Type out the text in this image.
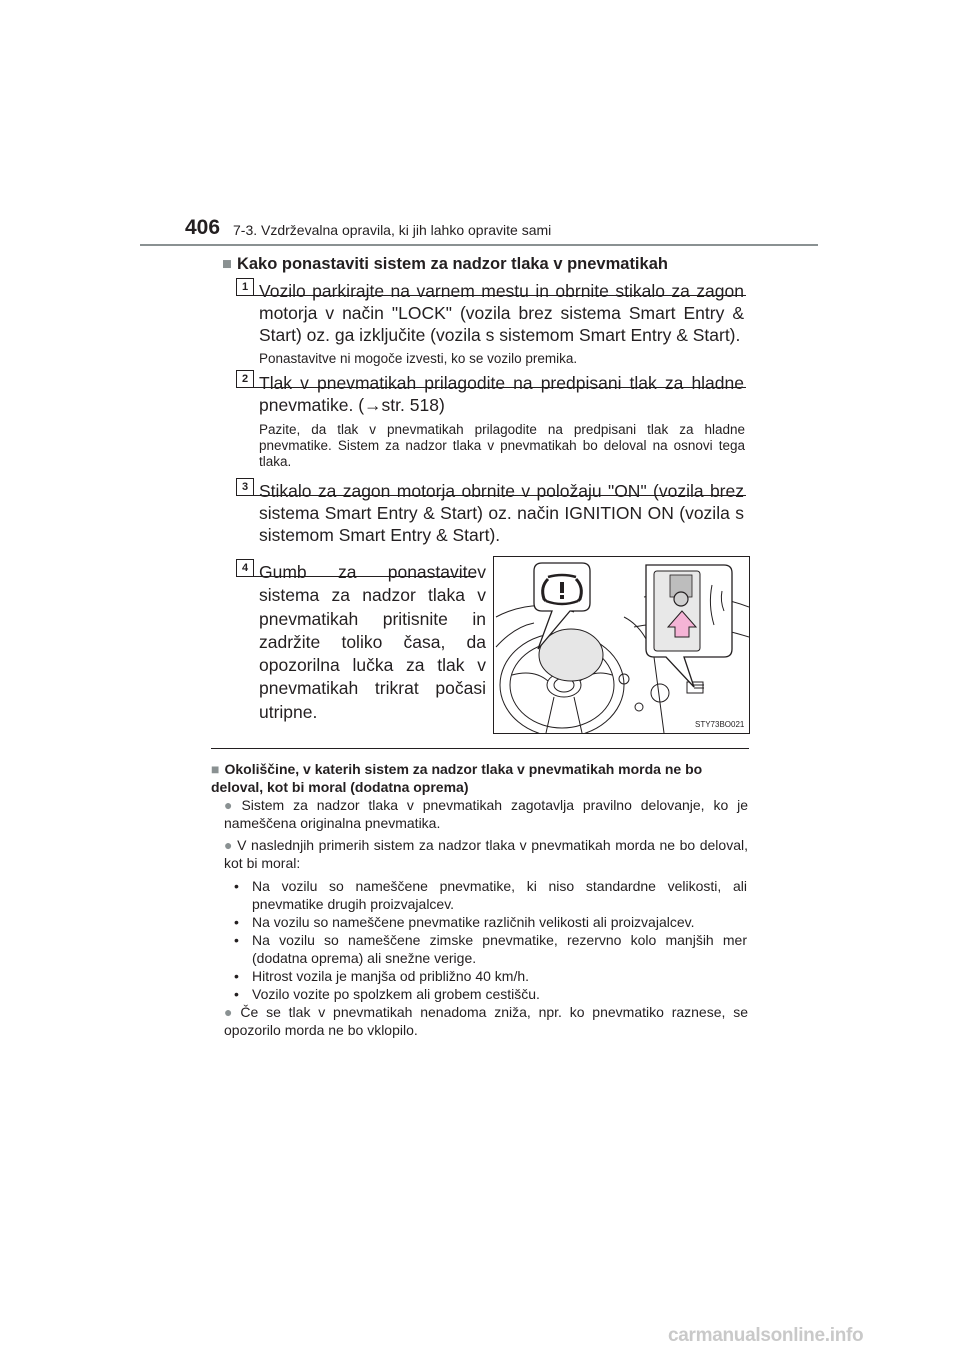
406 7-3. Vzdrževalna opravila, ki jih lahko opravite sami
■ Kako ponastaviti sistem za nadzor tlaka v pnevmatikah
1 Vozilo parkirajte na varnem mestu in obrnite stikalo za zagon motorja v način "LOCK" (vozila brez sistema Smart Entry & Start) oz. ga izključite (vozila s sistemom Smart Entry & Start).
Ponastavitve ni mogoče izvesti, ko se vozilo premika.
2 Tlak v pnevmatikah prilagodite na predpisani tlak za hladne pnevmatike. (→str. 518)
Pazite, da tlak v pnevmatikah prilagodite na predpisani tlak za hladne pnevmatike. Sistem za nadzor tlaka v pnevmatikah bo deloval na osnovi tega tlaka.
3 Stikalo za zagon motorja obrnite v položaju "ON" (vozila brez sistema Smart Entry & Start) oz. način IGNITION ON (vozila s sistemom Smart Entry & Start).
4 Gumb za ponastavitev sistema za nadzor tlaka v pnevmatikah pritisnite in zadržite toliko časa, da opozorilna lučka za tlak v pnevmatikah trikrat počasi utripne.
STY73BO021
■ Okoliščine, v katerih sistem za nadzor tlaka v pnevmatikah morda ne bo deloval, kot bi moral (dodatna oprema)
● Sistem za nadzor tlaka v pnevmatikah zagotavlja pravilno delovanje, ko je nameščena originalna pnevmatika.
● V naslednjih primerih sistem za nadzor tlaka v pnevmatikah morda ne bo deloval, kot bi moral:
• Na vozilu so nameščene pnevmatike, ki niso standardne velikosti, ali pnevmatike drugih proizvajalcev.
• Na vozilu so nameščene pnevmatike različnih velikosti ali proizvajalcev.
• Na vozilu so nameščene zimske pnevmatike, rezervno kolo manjših mer (dodatna oprema) ali snežne verige.
• Hitrost vozila je manjša od približno 40 km/h.
• Vozilo vozite po spolzkem ali grobem cestišču.
● Če se tlak v pnevmatikah nenadoma zniža, npr. ko pnevmatiko raznese, se opozorilo morda ne bo vklopilo.
carmanualsonline.info
